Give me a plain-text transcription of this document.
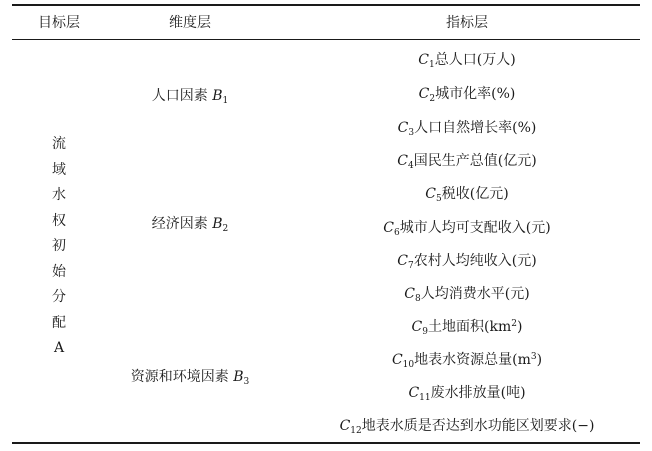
目标层	维度层	指标层
流
域
水
权
初
始
分
配
A
人口因素 $B_1$
经济因素 $B_2$
资源和环境因素 $B_3$
$C_1$总人口(万人)
$C_2$城市化率(%)
$C_3$人口自然增长率(%)
$C_4$国民生产总值(亿元)
$C_5$税收(亿元)
$C_6$城市人均可支配收入(元)
$C_7$农村人均纯收入(元)
$C_8$人均消费水平(元)
$C_9$土地面积$(km^2)$
$C_{10}$地表水资源总量$(m^3)$
$C_{11}$废水排放量(吨)
$C_{12}$地表水质是否达到水功能区划要求(−)
